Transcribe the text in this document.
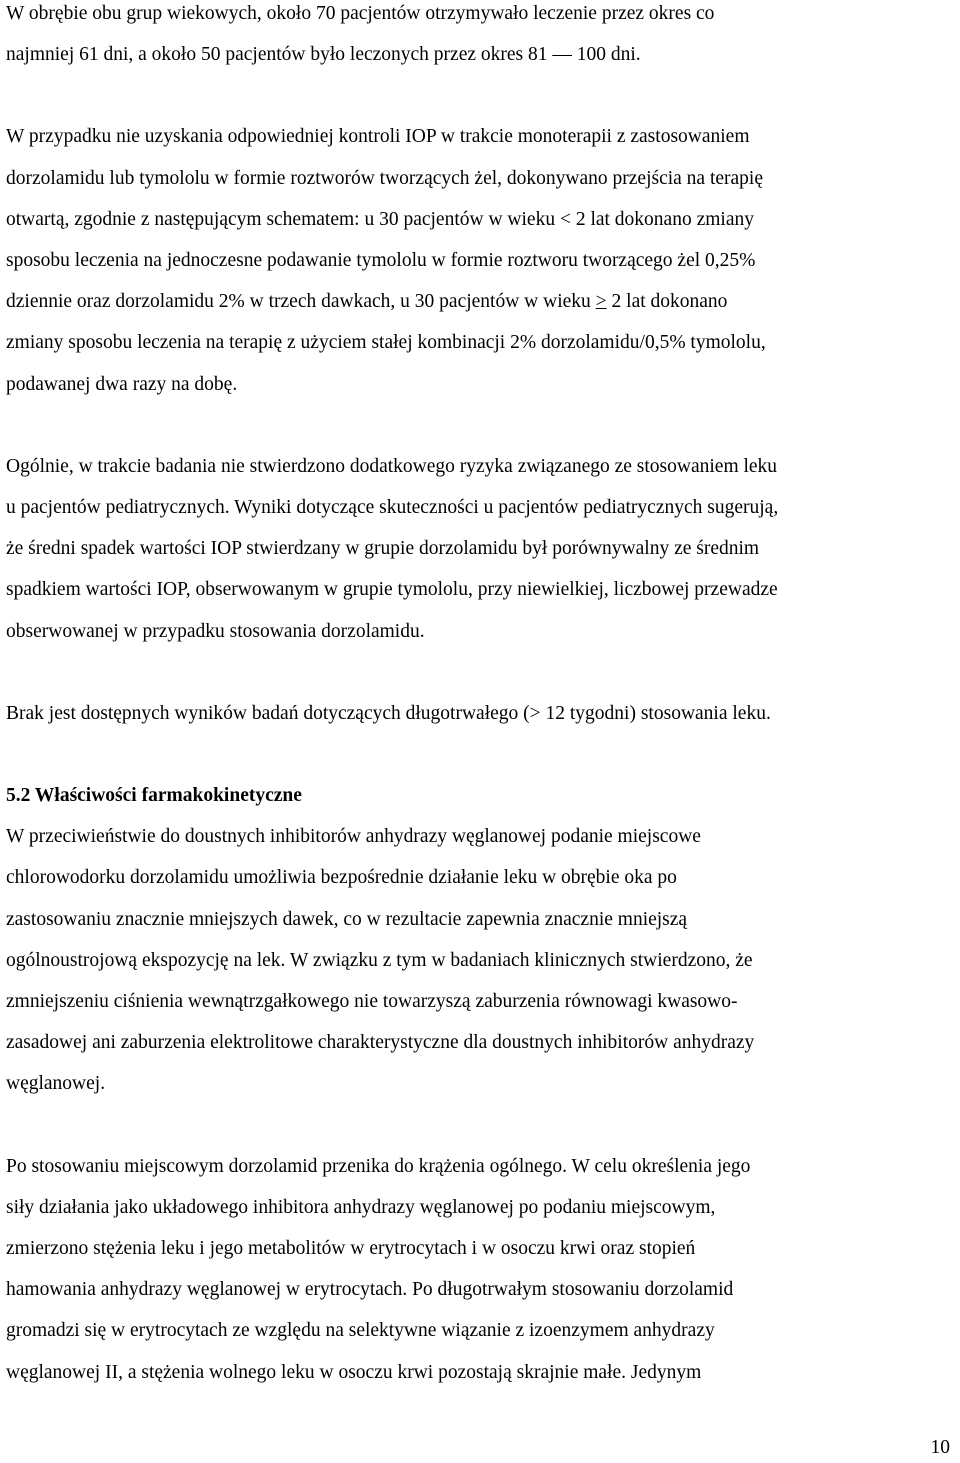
W obrębie obu grup wiekowych, około 70 pacjentów otrzymywało leczenie przez okres co

najmniej 61 dni, a około 50 pacjentów było leczonych przez okres 81 — 100 dni.

W przypadku nie uzyskania odpowiedniej kontroli IOP w trakcie monoterapii z zastosowaniem

dorzolamidu lub tymololu w formie roztworów tworzących żel, dokonywano przejścia na terapię

otwartą, zgodnie z następującym schematem: u 30 pacjentów w wieku < 2 lat dokonano zmiany

sposobu leczenia na jednoczesne podawanie tymololu w formie roztworu tworzącego żel 0,25%

dziennie oraz dorzolamidu 2% w trzech dawkach, u 30 pacjentów w wieku ≥ 2 lat dokonano

zmiany sposobu leczenia na terapię z użyciem stałej kombinacji 2% dorzolamidu/0,5% tymololu,

podawanej dwa razy na dobę.

Ogólnie, w trakcie badania nie stwierdzono dodatkowego ryzyka związanego ze stosowaniem leku

u pacjentów pediatrycznych. Wyniki dotyczące skuteczności u pacjentów pediatrycznych sugerują,

że średni spadek wartości IOP stwierdzany w grupie dorzolamidu był porównywalny ze średnim

spadkiem wartości IOP, obserwowanym w grupie tymololu, przy niewielkiej, liczbowej przewadze

obserwowanej w przypadku stosowania dorzolamidu.

Brak jest dostępnych wyników badań dotyczących długotrwałego (> 12 tygodni) stosowania leku.

5.2 Właściwości farmakokinetyczne

W przeciwieństwie do doustnych inhibitorów anhydrazy węglanowej podanie miejscowe

chlorowodorku dorzolamidu umożliwia bezpośrednie działanie leku w obrębie oka po

zastosowaniu znacznie mniejszych dawek, co w rezultacie zapewnia znacznie mniejszą

ogólnoustrojową ekspozycję na lek. W związku z tym w badaniach klinicznych stwierdzono, że

zmniejszeniu ciśnienia wewnątrzgałkowego nie towarzyszą zaburzenia równowagi kwasowo-

zasadowej ani zaburzenia elektrolitowe charakterystyczne dla doustnych inhibitorów anhydrazy

węglanowej.

Po stosowaniu miejscowym dorzolamid przenika do krążenia ogólnego. W celu określenia jego

siły działania jako układowego inhibitora anhydrazy węglanowej po podaniu miejscowym,

zmierzono stężenia leku i jego metabolitów w erytrocytach i w osoczu krwi oraz stopień

hamowania anhydrazy węglanowej w erytrocytach. Po długotrwałym stosowaniu dorzolamid

gromadzi się w erytrocytach ze względu na selektywne wiązanie z izoenzymem anhydrazy

węglanowej II, a stężenia wolnego leku w osoczu krwi pozostają skrajnie małe. Jedynym

10
